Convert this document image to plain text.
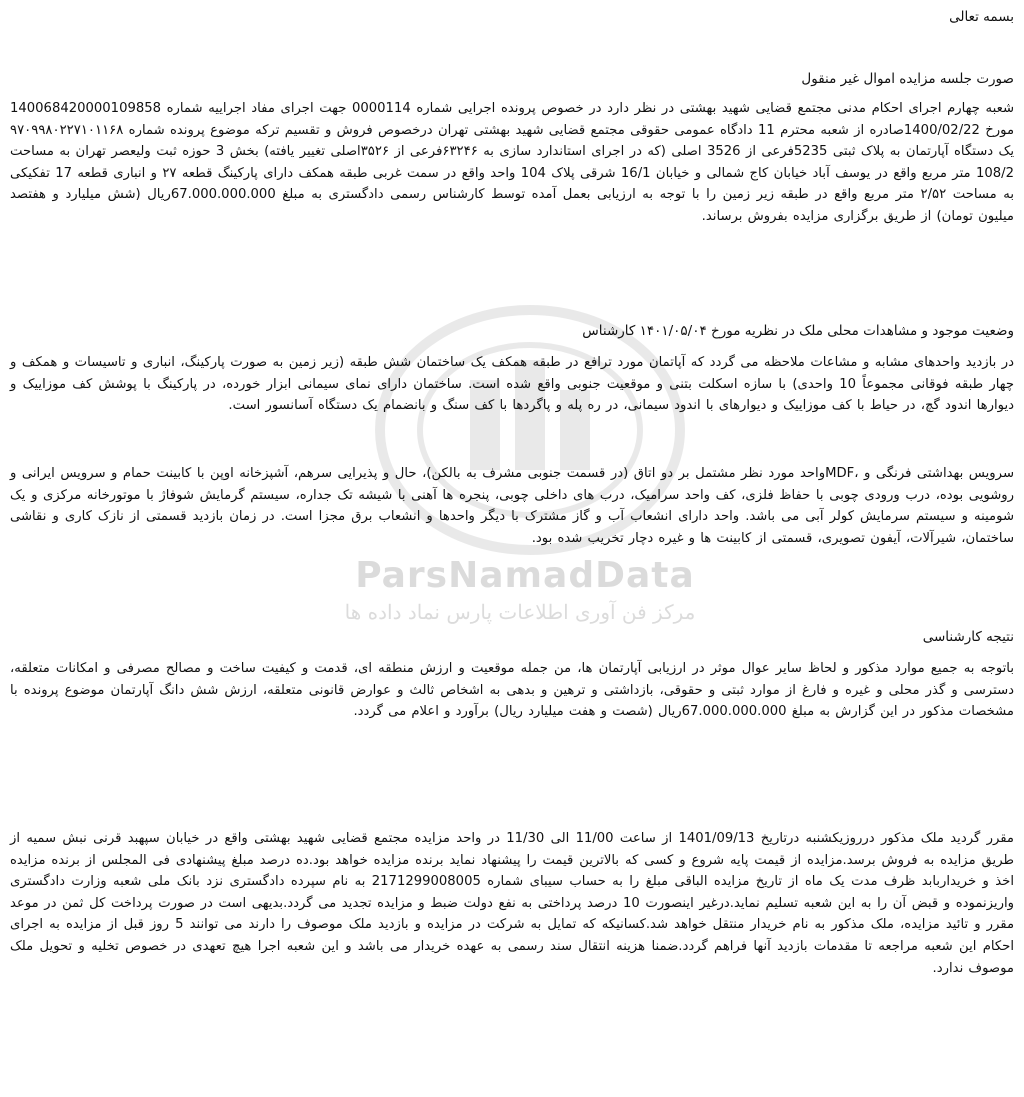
ParsNamadData
مرکز فن آوری اطلاعات پارس نماد داده ها
بسمه تعالی
صورت جلسه مزایده اموال غیر منقول
شعبه چهارم اجرای احکام مدنی مجتمع قضایی شهید بهشتی در نظر دارد در خصوص پرونده اجرایی شماره 0000114 جهت اجرای مفاد اجراییه شماره 140068420000109858 مورخ 1400/02/22صادره از شعبه محترم 11 دادگاه عمومی حقوقی مجتمع قضایی شهید بهشتی تهران درخصوص فروش و تقسیم ترکه موضوع پرونده شماره ۹۷۰۹۹۸۰۲۲۷۱۰۱۱۶۸ یک دستگاه آپارتمان به پلاک ثبتی 5235فرعی از 3526 اصلی (که در اجرای استاندارد سازی به ۶۳۲۴۶فرعی از ۳۵۲۶اصلی تغییر یافته) بخش 3 حوزه ثبت ولیعصر تهران به مساحت 108/2 متر مربع واقع در یوسف آباد خیابان کاج شمالی و خیابان 16/1 شرقی پلاک 104 واحد واقع در سمت غربی طبقه همکف دارای پارکینگ قطعه ۲۷ و انباری قطعه 17 تفکیکی به مساحت ۲/۵۲ متر مربع واقع در طبقه زیر زمین را با توجه به ارزیابی بعمل آمده توسط کارشناس رسمی دادگستری به مبلغ 67.000.000.000ریال (شش میلیارد و هفتصد میلیون تومان) از طریق برگزاری مزایده بفروش برساند.
وضعیت موجود و مشاهدات محلی ملک در نظریه مورخ ۱۴۰۱/۰۵/۰۴ کارشناس
در بازدید واحدهای مشابه و مشاعات ملاحظه می گردد که آپاتمان مورد ترافع در طبقه همکف یک ساختمان شش طبقه (زیر زمین به صورت پارکینگ، انباری و تاسیسات و همکف و چهار طبقه فوقانی مجموعاً 10 واحدی) با سازه اسکلت بتنی و موقعیت جنوبی واقع شده است. ساختمان دارای نمای سیمانی ابزار خورده، در پارکینگ با پوشش کف موزاییک و دیوارها اندود گچ، در حیاط با کف موزاییک و دیوارهای با اندود سیمانی، در ره پله و پاگردها با کف سنگ و بانضمام یک دستگاه آسانسور است.
سرویس بهداشتی فرنگی و ،MDFواحد مورد نظر مشتمل بر دو اتاق (در قسمت جنوبی مشرف به بالکن)، حال و پذیرایی سرهم، آشپزخانه اوپن با کابینت حمام و سرویس ایرانی و روشویی بوده، درب ورودی چوبی با حفاظ فلزی، کف واحد سرامیک، درب های داخلی چوبی، پنجره ها آهنی با شیشه تک جداره، سیستم گرمایش شوفاژ با موتورخانه مرکزی و یک شومینه و سیستم سرمایش کولر آبی می باشد. واحد دارای انشعاب آب و گاز مشترک با دیگر واحدها و انشعاب برق مجزا است. در زمان بازدید قسمتی از نازک کاری و نقاشی ساختمان، شیرآلات، آیفون تصویری، قسمتی از کابینت ها و غیره دچار تخریب شده بود.
نتیجه کارشناسی
باتوجه به جمیع موارد مذکور و لحاظ سایر عوال موثر در ارزیابی آپارتمان ها، من جمله موقعیت و ارزش منطقه ای، قدمت و کیفیت ساخت و مصالح مصرفی و امکانات متعلقه، دسترسی و گذر محلی و غیره و فارغ از موارد ثبتی و حقوقی، بازداشتی و ترهین و بدهی به اشخاص ثالث و عوارض قانونی متعلقه، ارزش شش دانگ آپارتمان موضوع پرونده با مشخصات مذکور در این گزارش به مبلغ 67.000.000.000ریال (شصت و هفت میلیارد ریال) برآورد و اعلام می گردد.
مقرر گردید ملک مذکور درروزیکشنبه درتاریخ 1401/09/13 از ساعت 11/00 الی 11/30 در واحد مزایده مجتمع قضایی شهید بهشتی واقع در خیابان سپهبد قرنی نبش سمیه از طریق مزایده به فروش برسد.مزایده از قیمت پایه شروع و کسی که بالاترین قیمت را پیشنهاد نماید برنده مزایده خواهد بود.ده درصد مبلغ پیشنهادی فی المجلس از برنده مزایده اخذ و خریداربابد ظرف مدت یک ماه از تاریخ مزایده الباقی مبلغ را به حساب سیبای شماره 2171299008005 به نام سپرده دادگستری نزد بانک ملی شعبه وزارت دادگستری واریزنموده و قبض آن را به این شعبه تسلیم نماید.درغیر اینصورت 10 درصد پرداختی به نفع دولت ضبط و مزایده تجدید می گردد.بدیهی است در صورت پرداخت کل ثمن در موعد مقرر و تائید مزایده، ملک مذکور به نام خریدار منتقل خواهد شد.کسانیکه که تمایل به شرکت در مزایده و بازدید ملک موصوف را دارند می توانند 5 روز قبل از مزایده به اجرای احکام این شعبه مراجعه تا مقدمات بازدید آنها فراهم گردد.ضمنا هزینه انتقال سند رسمی به عهده خریدار می باشد و این شعبه اجرا هیچ تعهدی در خصوص تخلیه و تحویل ملک موصوف ندارد.
